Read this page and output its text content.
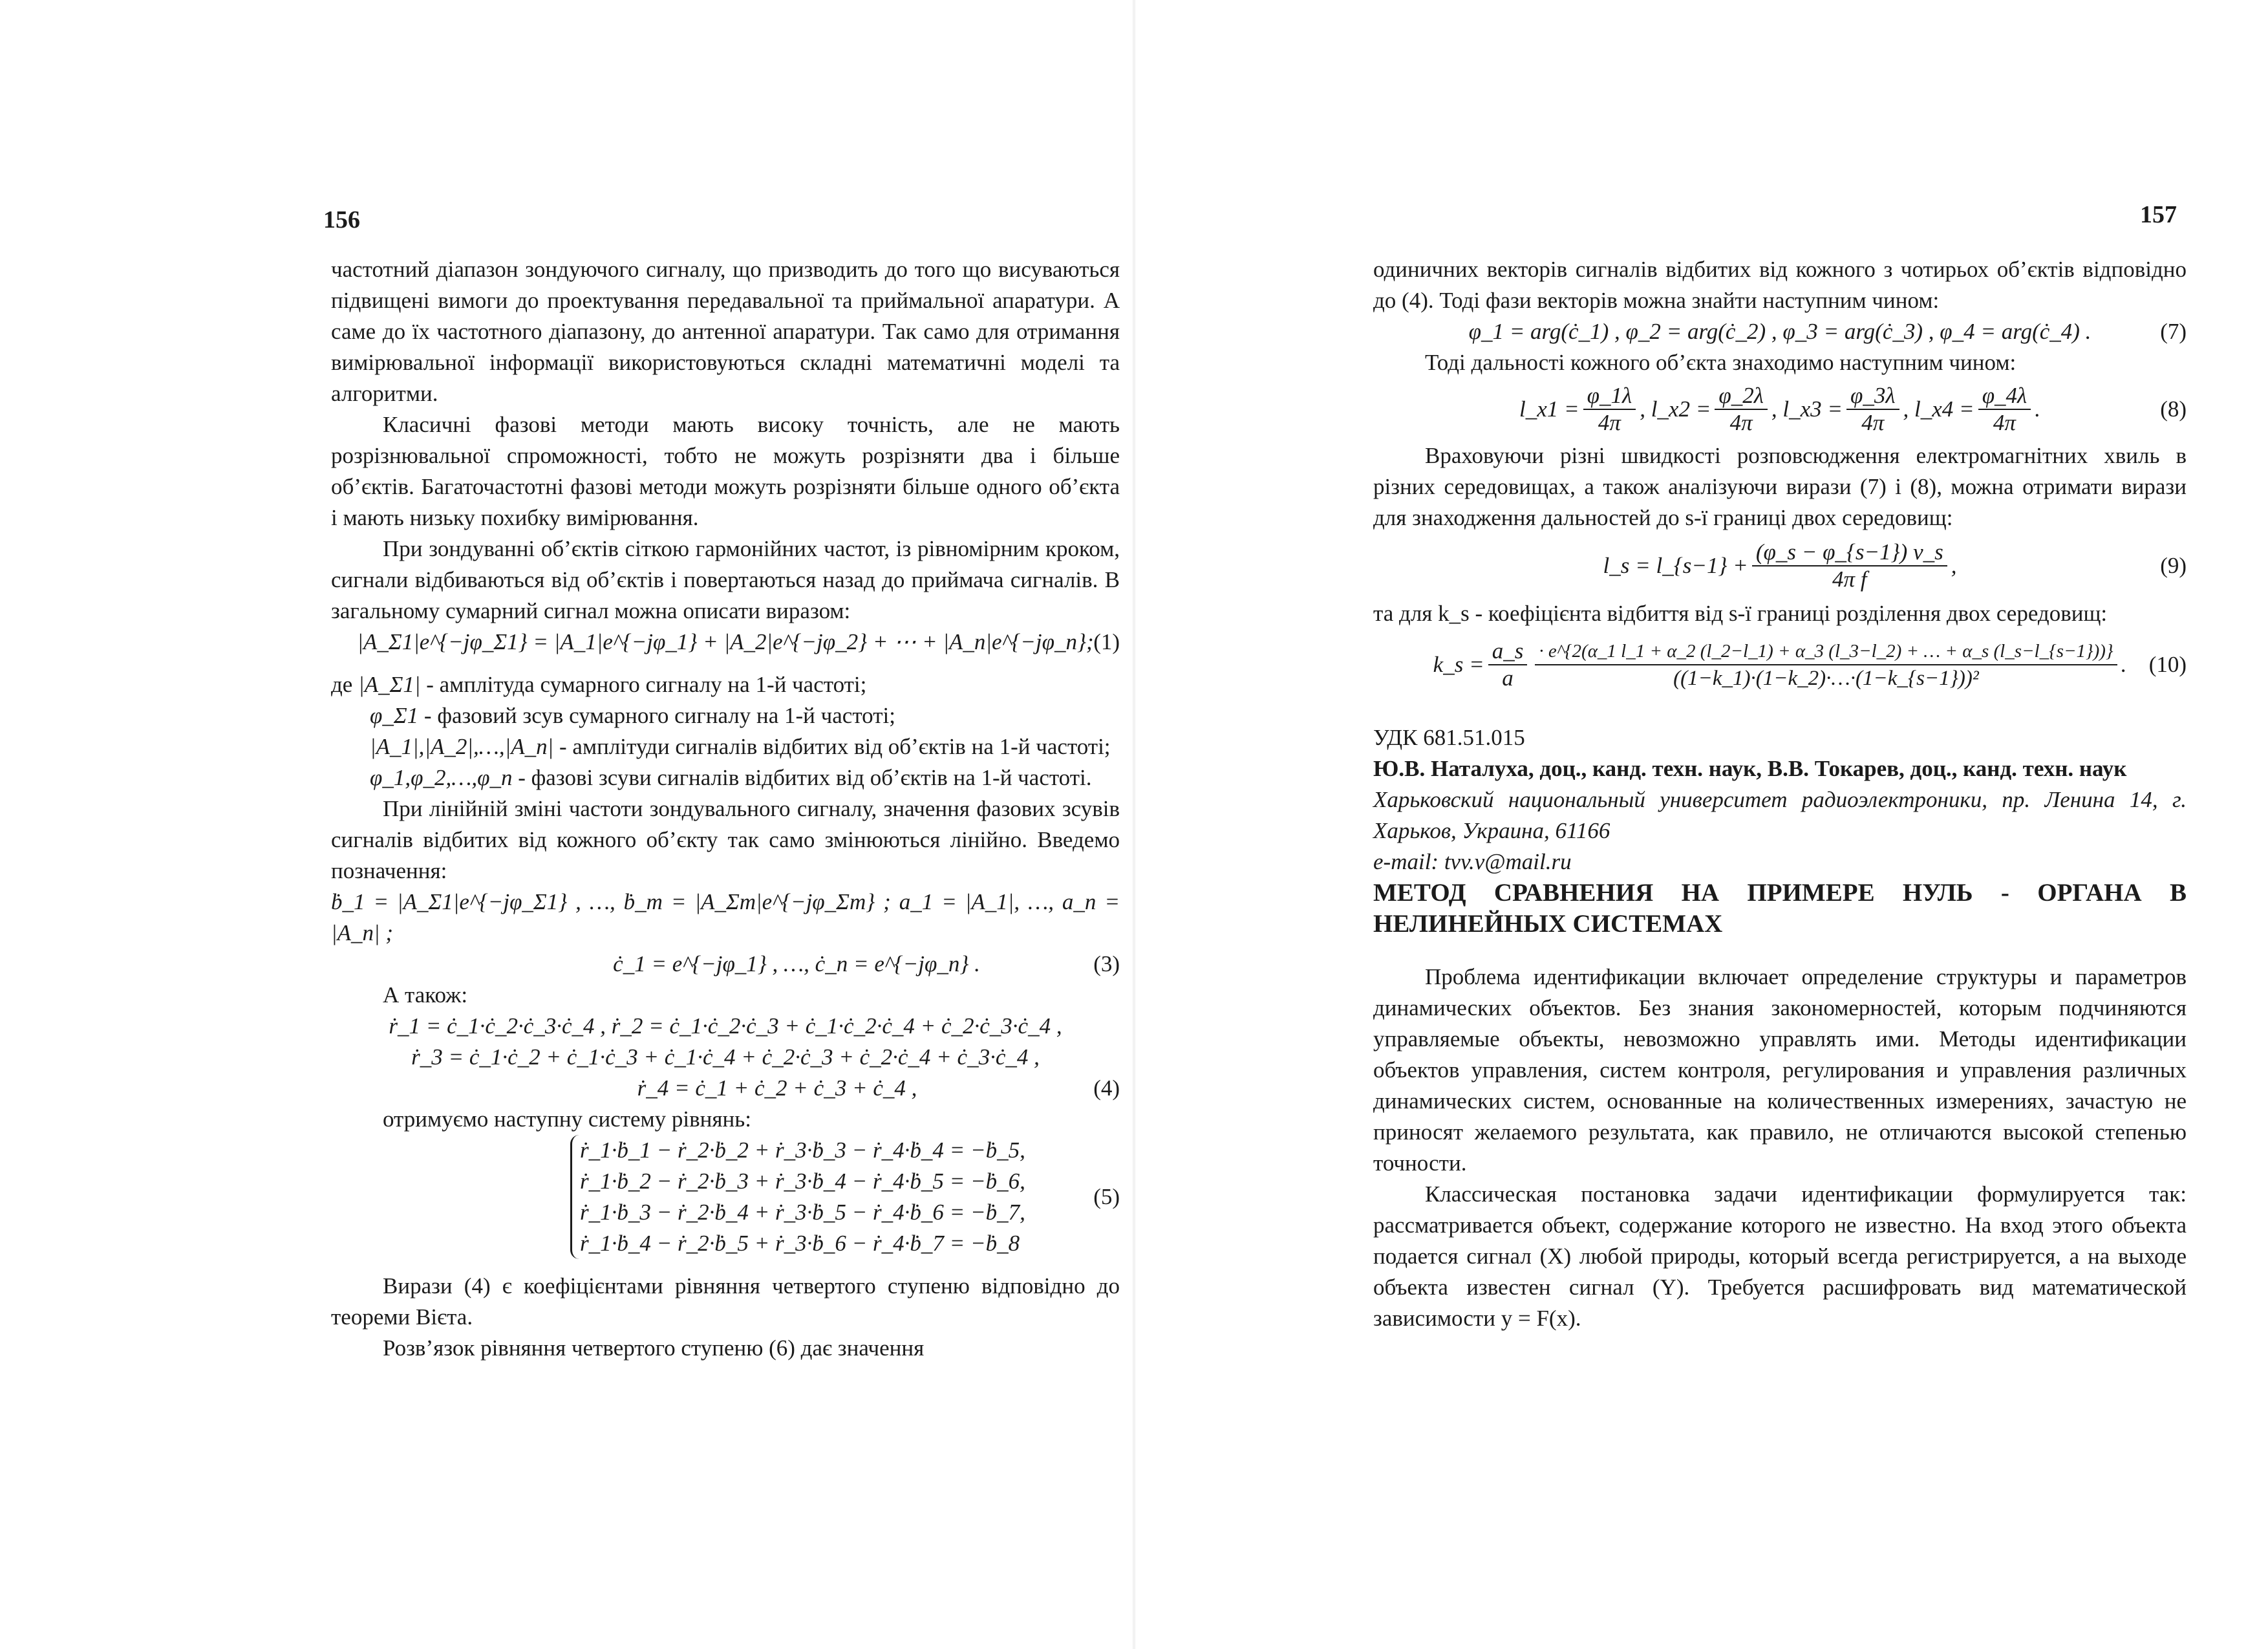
156

частотний діапазон зондуючого сигналу, що призводить до того що висуваються підвищені вимоги до проектування передавальної та приймальної апаратури. А саме до їх частотного діапазону, до антенної апаратури. Так само для отримання вимірювальної інформації використовуються складні математичні моделі та алгоритми.

Класичні фазові методи мають високу точність, але не мають розрізнювальної спроможності, тобто не можуть розрізняти два і більше об’єктів. Багаточастотні фазові методи можуть розрізняти більше одного об’єкта і мають низьку похибку вимірювання.

При зондуванні об’єктів сіткою гармонійних частот, із рівномірним кроком, сигнали відбиваються від об’єктів і повертаються назад до приймача сигналів. В загальному сумарний сигнал можна описати виразом:

|A_Σ1|e^{−jφ_Σ1} = |A_1|e^{−jφ_1} + |A_2|e^{−jφ_2} + ⋯ + |A_n|e^{−jφ_n}; (1)

де |A_Σ1| - амплітуда сумарного сигналу на 1-й частоті;

φ_Σ1 - фазовий зсув сумарного сигналу на 1-й частоті;

|A_1|,|A_2|,…,|A_n| - амплітуди сигналів відбитих від об’єктів на 1-й частоті;

φ_1,φ_2,…,φ_n - фазові зсуви сигналів відбитих від об’єктів на 1-й частоті.

При лінійній зміні частоти зондувального сигналу, значення фазових зсувів сигналів відбитих від кожного об’єкту так само змінюються лінійно. Введемо позначення:

ḃ_1 = |A_Σ1|e^{−jφ_Σ1} , …, ḃ_m = |A_Σm|e^{−jφ_Σm} ; a_1 = |A_1|, …, a_n = |A_n| ;
ċ_1 = e^{−jφ_1} , …, ċ_n = e^{−jφ_n} .	(3)

А також:

ṙ_1 = ċ_1·ċ_2·ċ_3·ċ_4 , ṙ_2 = ċ_1·ċ_2·ċ_3 + ċ_1·ċ_2·ċ_4 + ċ_2·ċ_3·ċ_4 ,
ṙ_3 = ċ_1·ċ_2 + ċ_1·ċ_3 + ċ_1·ċ_4 + ċ_2·ċ_3 + ċ_2·ċ_4 + ċ_3·ċ_4 ,
ṙ_4 = ċ_1 + ċ_2 + ċ_3 + ċ_4 ,	(4)

отримуємо наступну систему рівнянь:

ṙ_1·ḃ_1 − ṙ_2·ḃ_2 + ṙ_3·ḃ_3 − ṙ_4·ḃ_4 = −ḃ_5,
ṙ_1·ḃ_2 − ṙ_2·ḃ_3 + ṙ_3·ḃ_4 − ṙ_4·ḃ_5 = −ḃ_6,
ṙ_1·ḃ_3 − ṙ_2·ḃ_4 + ṙ_3·ḃ_5 − ṙ_4·ḃ_6 = −ḃ_7,
ṙ_1·ḃ_4 − ṙ_2·ḃ_5 + ṙ_3·ḃ_6 − ṙ_4·ḃ_7 = −ḃ_8
(5)

Вирази (4) є коефіцієнтами рівняння четвертого ступеню відповідно до теореми Вієта.

Розв’язок рівняння четвертого ступеню (6) дає значення

157

одиничних векторів сигналів відбитих від кожного з чотирьох об’єктів відповідно до (4). Тоді фази векторів можна знайти наступним чином:

φ_1 = arg(ċ_1) , φ_2 = arg(ċ_2) , φ_3 = arg(ċ_3) , φ_4 = arg(ċ_4) .	(7)

Тоді дальності кожного об’єкта знаходимо наступним чином:

l_x1 = $\frac{\varphi\_1\lambda}{4\pi}$ , l_x2 = $\frac{\varphi\_2\lambda}{4\pi}$ , l_x3 = $\frac{\varphi\_3\lambda}{4\pi}$ , l_x4 = $\frac{\varphi\_4\lambda}{4\pi}$ .	(8)

Враховуючи різні швидкості розповсюдження електромагнітних хвиль в різних середовищах, а також аналізуючи вирази (7) і (8), можна отримати вирази для знаходження дальностей до s-ї границі двох середовищ:

l_s = l_{s−1} + $\frac{(\varphi\_s - \varphi\_\{s-1\}) v\_s}{\text{4π f}}$ ,	(9)

та для k_s - коефіцієнта відбиття від s-ї границі розділення двох середовищ:

k_s = $\frac{a\_s}{a}$ · e^{2(α_1 l_1 + α_2 (l_2−l_1) + α_3 (l_3−l_2) + … + α_s (l_s−l_{s−1}))}
((1−k_1)·(1−k_2)·…·(1−k_{s−1}))²
. (10)

УДК 681.51.015

Ю.В. Наталуха, доц., канд. техн. наук, В.В. Токарев, доц., канд. техн. наук

Харьковский национальный университет радиоэлектроники, пр. Ленина 14, г. Харьков, Украина, 61166

e-mail: tvv.v@mail.ru

МЕТОД СРАВНЕНИЯ НА ПРИМЕРЕ НУЛЬ - ОРГАНА В НЕЛИНЕЙНЫХ СИСТЕМАХ

Проблема идентификации включает определение структуры и параметров динамических объектов. Без знания закономерностей, которым подчиняются управляемые объекты, невозможно управлять ими. Методы идентификации объектов управления, систем контроля, регулирования и управления различных динамических систем, основанные на количественных измерениях, зачастую не приносят желаемого результата, как правило, не отличаются высокой степенью точности.

Классическая постановка задачи идентификации формулируется так: рассматривается объект, содержание которого не известно. На вход этого объекта подается сигнал (X) любой природы, который всегда регистрируется, а на выходе объекта известен сигнал (Y). Требуется расшифровать вид математической зависимости y = F(x).
